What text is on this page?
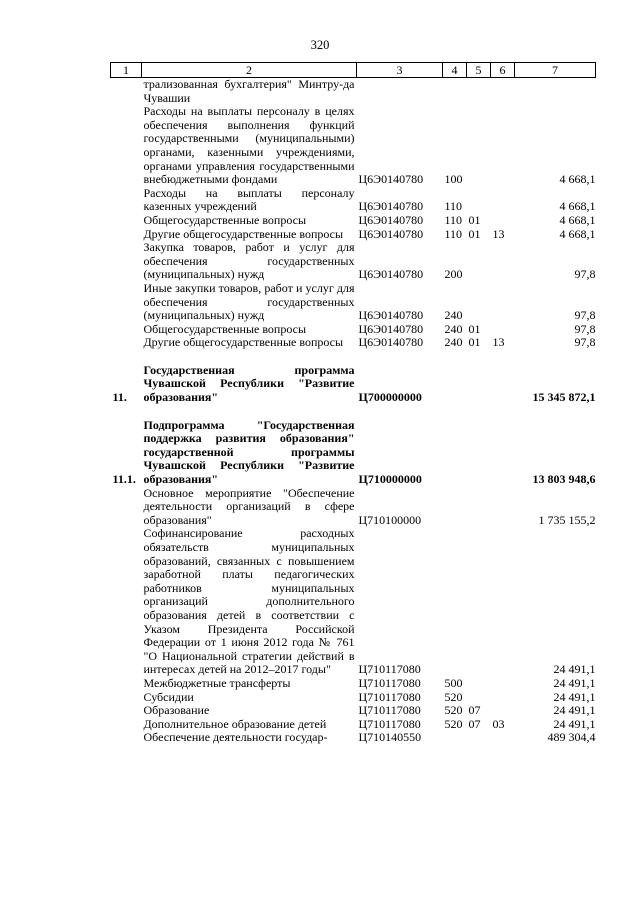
320
1	2	3	4	5	6	7
	трализованная бухгалтерия" Минтру-да Чувашии					
	Расходы на выплаты персоналу в целях обеспечения выполнения функций государственными (муниципальными) органами, казенными учреждениями, органами управления государственными внебюджетными фондами	Ц6Э0140780	100			4 668,1
	Расходы на выплаты персоналу казенных учреждений	Ц6Э0140780	110			4 668,1
	Общегосударственные вопросы	Ц6Э0140780	110	01		4 668,1
	Другие общегосударственные вопросы	Ц6Э0140780	110	01	13	4 668,1
	Закупка товаров, работ и услуг для обеспечения государственных (муниципальных) нужд	Ц6Э0140780	200			97,8
	Иные закупки товаров, работ и услуг для обеспечения государственных (муниципальных) нужд	Ц6Э0140780	240			97,8
	Общегосударственные вопросы	Ц6Э0140780	240	01		97,8
	Другие общегосударственные вопросы	Ц6Э0140780	240	01	13	97,8

11.	Государственная программа Чувашской Республики "Развитие образования"	Ц700000000				15 345 872,1

11.1.	Подпрограмма "Государственная поддержка развития образования" государственной программы Чувашской Республики "Развитие образования"	Ц710000000				13 803 948,6
	Основное мероприятие "Обеспечение деятельности организаций в сфере образования"	Ц710100000				1 735 155,2
	Софинансирование расходных обязательств муниципальных образований, связанных с повышением заработной платы педагогических работников муниципальных организаций дополнительного образования детей в соответствии с Указом Президента Российской Федерации от 1 июня 2012 года № 761 "О Национальной стратегии действий в интересах детей на 2012–2017 годы"	Ц710117080				24 491,1
	Межбюджетные трансферты	Ц710117080	500			24 491,1
	Субсидии	Ц710117080	520			24 491,1
	Образование	Ц710117080	520	07		24 491,1
	Дополнительное образование детей	Ц710117080	520	07	03	24 491,1
	Обеспечение деятельности государ-	Ц710140550				489 304,4
